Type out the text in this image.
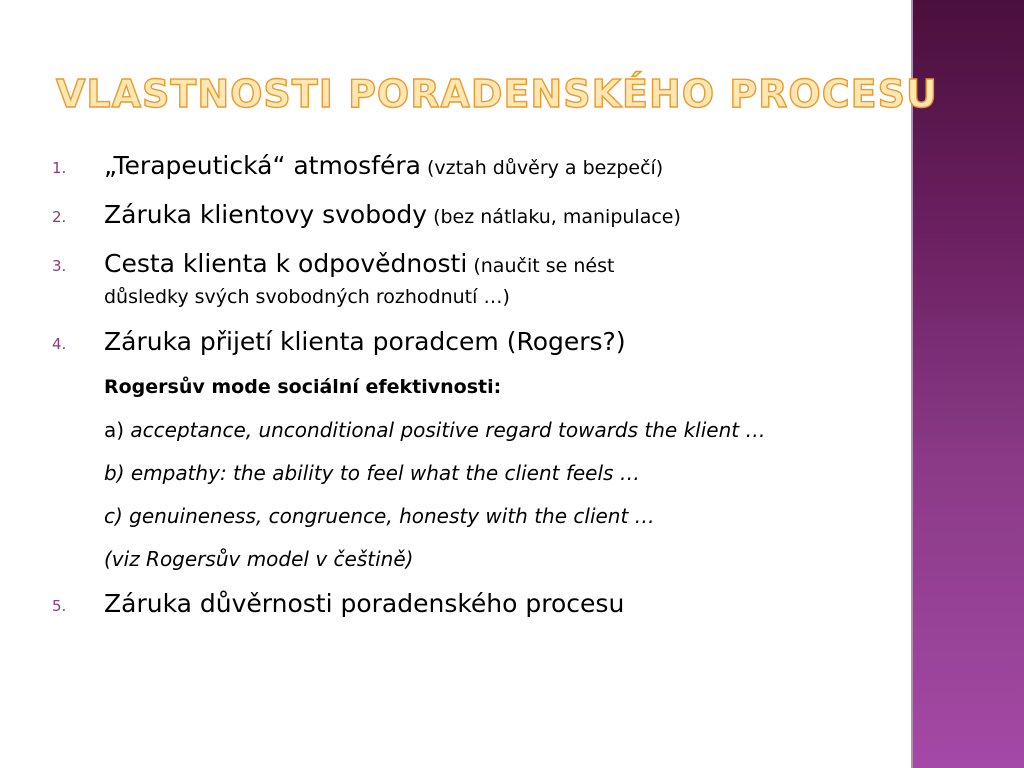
VLASTNOSTI PORADENSKÉHO PROCESU
1. „Terapeutická“ atmosféra (vztah důvěry a bezpečí)
2. Záruka klientovy svobody (bez nátlaku, manipulace)
3. Cesta klienta k odpovědnosti (naučit se nést
důsledky svých svobodných rozhodnutí …)
4. Záruka přijetí klienta poradcem (Rogers?)
Rogersův mode sociální efektivnosti:
a) acceptance, unconditional positive regard towards the klient …
b) empathy: the ability to feel what the client feels …
c) genuineness, congruence, honesty with the client …
(viz Rogersův model v češtině)
5. Záruka důvěrnosti poradenského procesu
